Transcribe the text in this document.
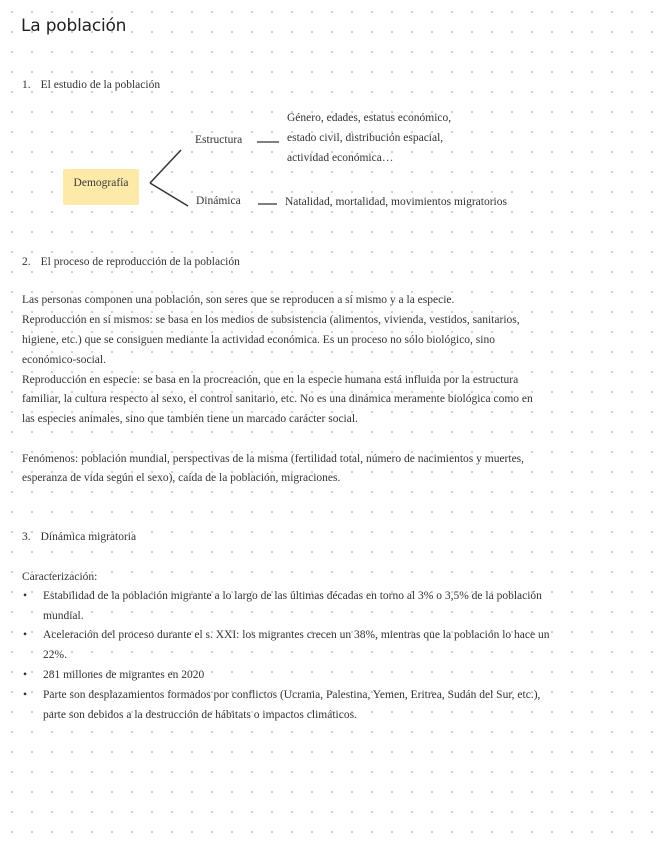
La población
1. El estudio de la población
Demografía
Estructura
Dinámica
Género, edades, estatus económico,
estado civil, distribución espacial,
actividad económica…
Natalidad, mortalidad, movimientos migratorios
2. El proceso de reproducción de la población
Las personas componen una población, son seres que se reproducen a sí mismo y a la especie.
Reproducción en sí mismos: se basa en los medios de subsistencia (alimentos, vivienda, vestidos, sanitarios,
higiene, etc.) que se consiguen mediante la actividad económica. Es un proceso no sólo biológico, sino
económico-social.
Reproducción en especie: se basa en la procreación, que en la especie humana está influida por la estructura
familiar, la cultura respecto al sexo, el control sanitario, etc. No es una dinámica meramente biológica como en
las especies animales, sino que también tiene un marcado carácter social.
Fenómenos: población mundial, perspectivas de la misma (fertilidad total, número de nacimientos y muertes,
esperanza de vida según el sexo), caída de la población, migraciones.
3. Dinámica migratoria
Caracterización:
• Estabilidad de la población migrante a lo largo de las últimas décadas en torno al 3% o 3,5% de la población
mundial.
• Aceleración del proceso durante el s. XXI: los migrantes crecen un 38%, mientras que la población lo hace un
22%.
• 281 millones de migrantes en 2020
• Parte son desplazamientos formados por conflictos (Ucrania, Palestina, Yemen, Eritrea, Sudán del Sur, etc.),
parte son debidos a la destrucción de hábitats o impactos climáticos.
